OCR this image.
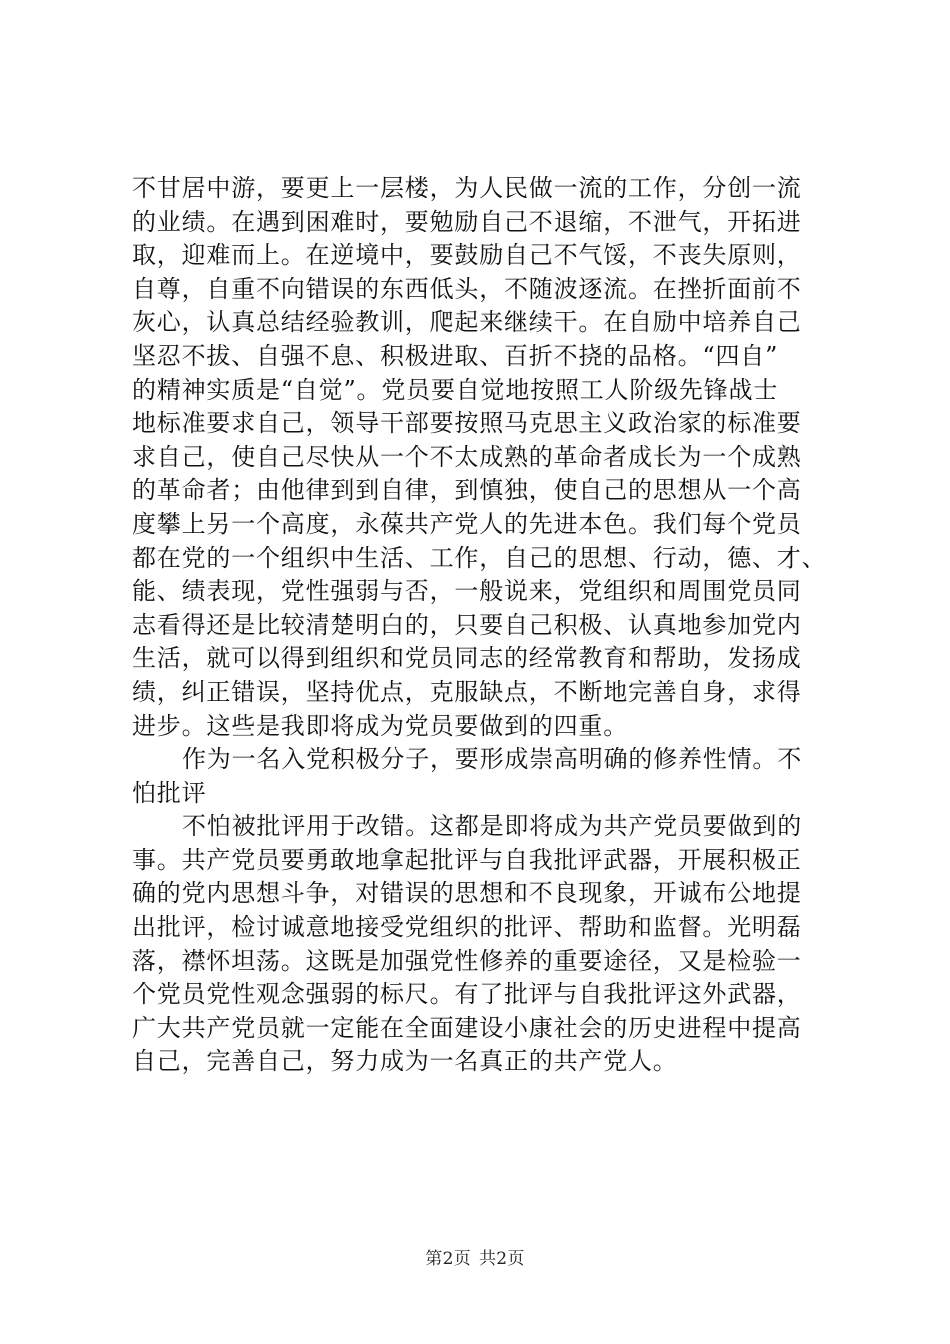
不甘居中游，要更上一层楼，为人民做一流的工作，分创一流
的业绩。在遇到困难时，要勉励自己不退缩，不泄气，开拓进
取，迎难而上。在逆境中，要鼓励自己不气馁，不丧失原则，
自尊，自重不向错误的东西低头，不随波逐流。在挫折面前不
灰心，认真总结经验教训，爬起来继续干。在自励中培养自己
坚忍不拔、自强不息、积极进取、百折不挠的品格。“四自”
的精神实质是“自觉”。党员要自觉地按照工人阶级先锋战士
地标准要求自己，领导干部要按照马克思主义政治家的标准要
求自己，使自己尽快从一个不太成熟的革命者成长为一个成熟
的革命者；由他律到到自律，到慎独，使自己的思想从一个高
度攀上另一个高度，永葆共产党人的先进本色。我们每个党员
都在党的一个组织中生活、工作，自己的思想、行动，德、才、
能、绩表现，党性强弱与否，一般说来，党组织和周围党员同
志看得还是比较清楚明白的，只要自己积极、认真地参加党内
生活，就可以得到组织和党员同志的经常教育和帮助，发扬成
绩，纠正错误，坚持优点，克服缺点，不断地完善自身，求得
进步。这些是我即将成为党员要做到的四重。
作为一名入党积极分子，要形成崇高明确的修养性情。不
怕批评
不怕被批评用于改错。这都是即将成为共产党员要做到的
事。共产党员要勇敢地拿起批评与自我批评武器，开展积极正
确的党内思想斗争，对错误的思想和不良现象，开诚布公地提
出批评，检讨诚意地接受党组织的批评、帮助和监督。光明磊
落，襟怀坦荡。这既是加强党性修养的重要途径，又是检验一
个党员党性观念强弱的标尺。有了批评与自我批评这外武器，
广大共产党员就一定能在全面建设小康社会的历史进程中提高
自己，完善自己，努力成为一名真正的共产党人。
第2页 共2页
